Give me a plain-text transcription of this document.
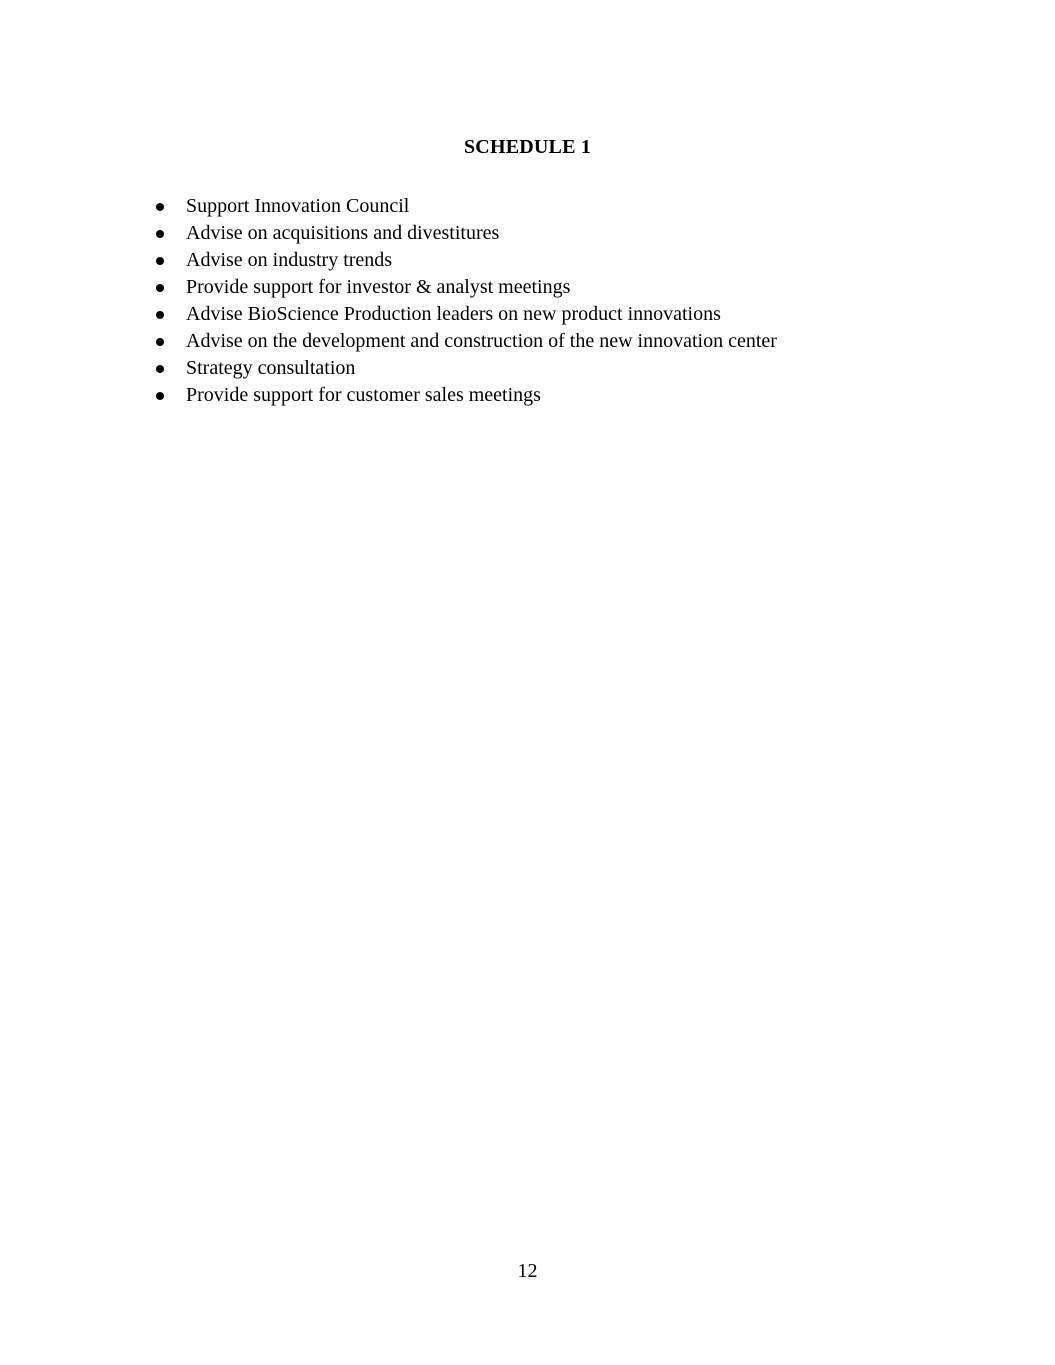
SCHEDULE 1
Support Innovation Council
Advise on acquisitions and divestitures
Advise on industry trends
Provide support for investor & analyst meetings
Advise BioScience Production leaders on new product innovations
Advise on the development and construction of the new innovation center
Strategy consultation
Provide support for customer sales meetings
12
